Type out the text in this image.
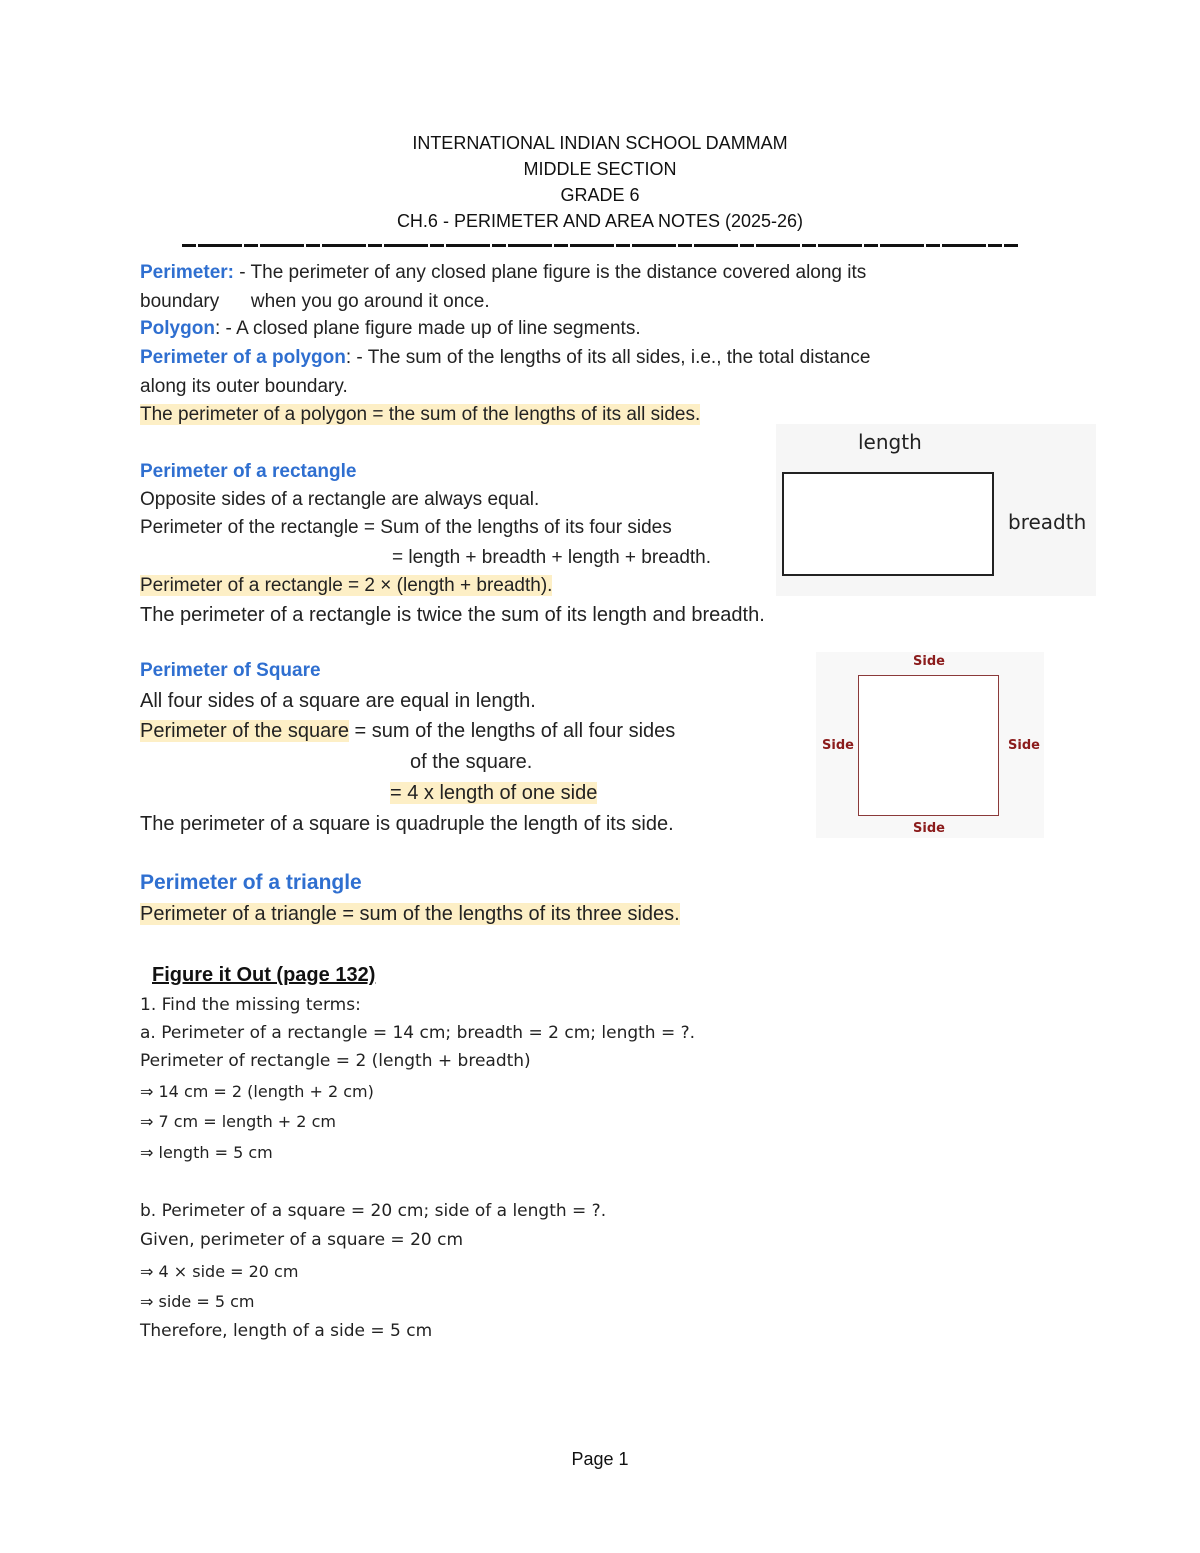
INTERNATIONAL INDIAN SCHOOL DAMMAM
MIDDLE SECTION
GRADE 6
CH.6 - PERIMETER AND AREA NOTES (2025-26)
Perimeter: - The perimeter of any closed plane figure is the distance covered along its
boundary      when you go around it once.
Polygon: - A closed plane figure made up of line segments.
Perimeter of a polygon: - The sum of the lengths of its all sides, i.e., the total distance
along its outer boundary.
The perimeter of a polygon = the sum of the lengths of its all sides.
Perimeter of a rectangle
Opposite sides of a rectangle are always equal.
Perimeter of the rectangle = Sum of the lengths of its four sides
= length + breadth + length + breadth.
Perimeter of a rectangle = 2 × (length + breadth).
The perimeter of a rectangle is twice the sum of its length and breadth.
length
breadth
Perimeter of Square
All four sides of a square are equal in length.
Perimeter of the square = sum of the lengths of all four sides
of the square.
= 4 x length of one side
The perimeter of a square is quadruple the length of its side.
Side
Side	Side
Side
Perimeter of a triangle
Perimeter of a triangle = sum of the lengths of its three sides.
Figure it Out (page 132)
1. Find the missing terms:
a. Perimeter of a rectangle = 14 cm; breadth = 2 cm; length = ?.
Perimeter of rectangle = 2 (length + breadth)
⇒ 14 cm = 2 (length + 2 cm)
⇒ 7 cm = length + 2 cm
⇒ length = 5 cm
b. Perimeter of a square = 20 cm; side of a length = ?.
Given, perimeter of a square = 20 cm
⇒ 4 × side = 20 cm
⇒ side = 5 cm
Therefore, length of a side = 5 cm
Page 1
